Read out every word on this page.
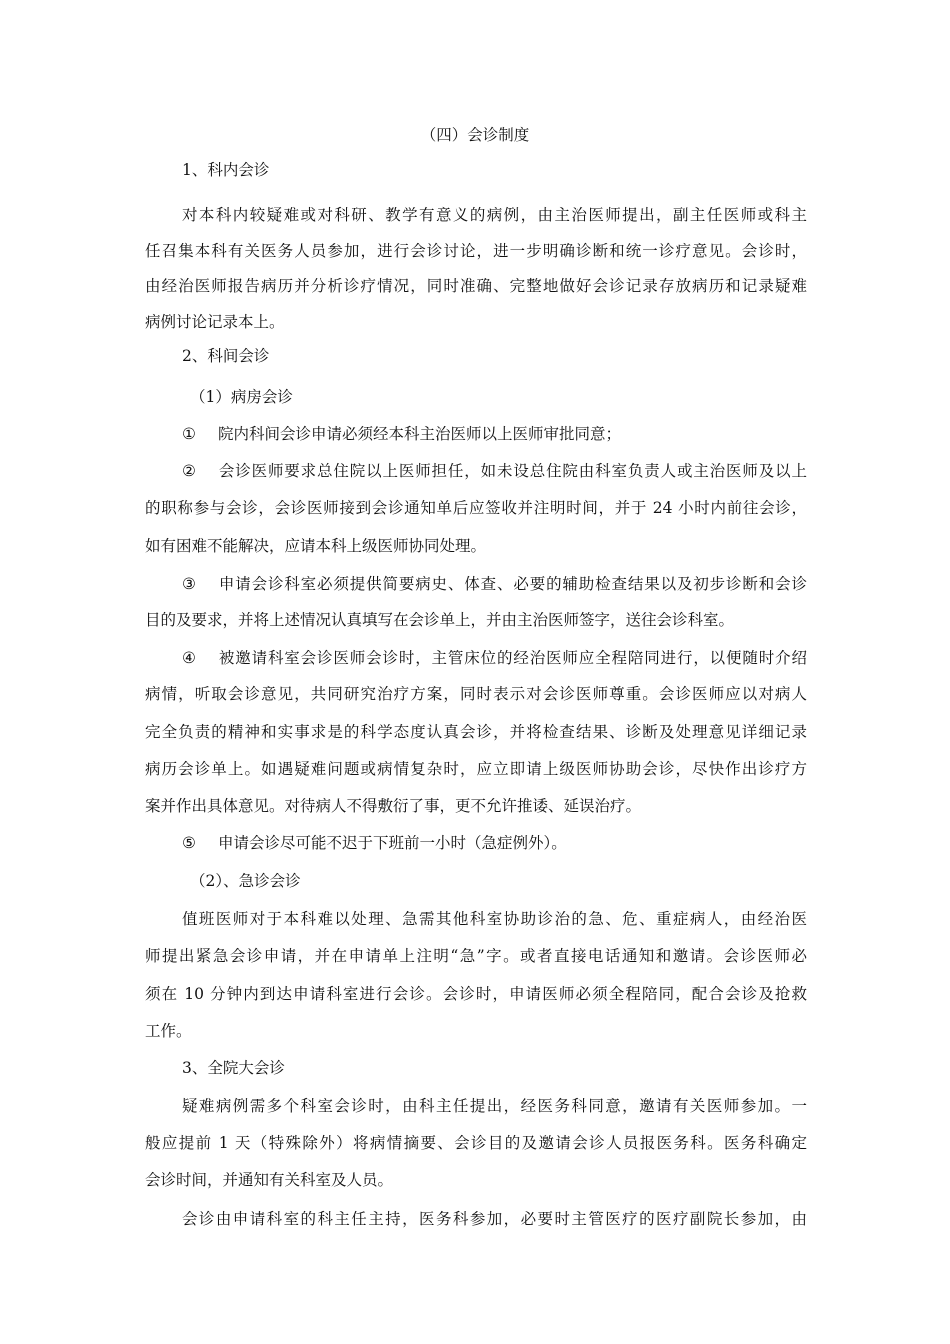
（四）会诊制度
1、科内会诊
对本科内较疑难或对科研、教学有意义的病例，由主治医师提出，副主任医师或科主
任召集本科有关医务人员参加，进行会诊讨论，进一步明确诊断和统一诊疗意见。会诊时，
由经治医师报告病历并分析诊疗情况，同时准确、完整地做好会诊记录存放病历和记录疑难
病例讨论记录本上。
2、科间会诊
（1）病房会诊
① 院内科间会诊申请必须经本科主治医师以上医师审批同意；
② 会诊医师要求总住院以上医师担任，如未设总住院由科室负责人或主治医师及以上
的职称参与会诊，会诊医师接到会诊通知单后应签收并注明时间，并于 24 小时内前往会诊，
如有困难不能解决，应请本科上级医师协同处理。
③ 申请会诊科室必须提供简要病史、体查、必要的辅助检查结果以及初步诊断和会诊
目的及要求，并将上述情况认真填写在会诊单上，并由主治医师签字，送往会诊科室。
④ 被邀请科室会诊医师会诊时，主管床位的经治医师应全程陪同进行，以便随时介绍
病情，听取会诊意见，共同研究治疗方案，同时表示对会诊医师尊重。会诊医师应以对病人
完全负责的精神和实事求是的科学态度认真会诊，并将检查结果、诊断及处理意见详细记录
病历会诊单上。如遇疑难问题或病情复杂时，应立即请上级医师协助会诊，尽快作出诊疗方
案并作出具体意见。对待病人不得敷衍了事，更不允许推诿、延误治疗。
⑤ 申请会诊尽可能不迟于下班前一小时（急症例外）。
（2）、急诊会诊
值班医师对于本科难以处理、急需其他科室协助诊治的急、危、重症病人，由经治医
师提出紧急会诊申请，并在申请单上注明“急”字。或者直接电话通知和邀请。会诊医师必
须在 10 分钟内到达申请科室进行会诊。会诊时，申请医师必须全程陪同，配合会诊及抢救
工作。
3、全院大会诊
疑难病例需多个科室会诊时，由科主任提出，经医务科同意，邀请有关医师参加。一
般应提前 1 天（特殊除外）将病情摘要、会诊目的及邀请会诊人员报医务科。医务科确定
会诊时间，并通知有关科室及人员。
会诊由申请科室的科主任主持，医务科参加，必要时主管医疗的医疗副院长参加，由
